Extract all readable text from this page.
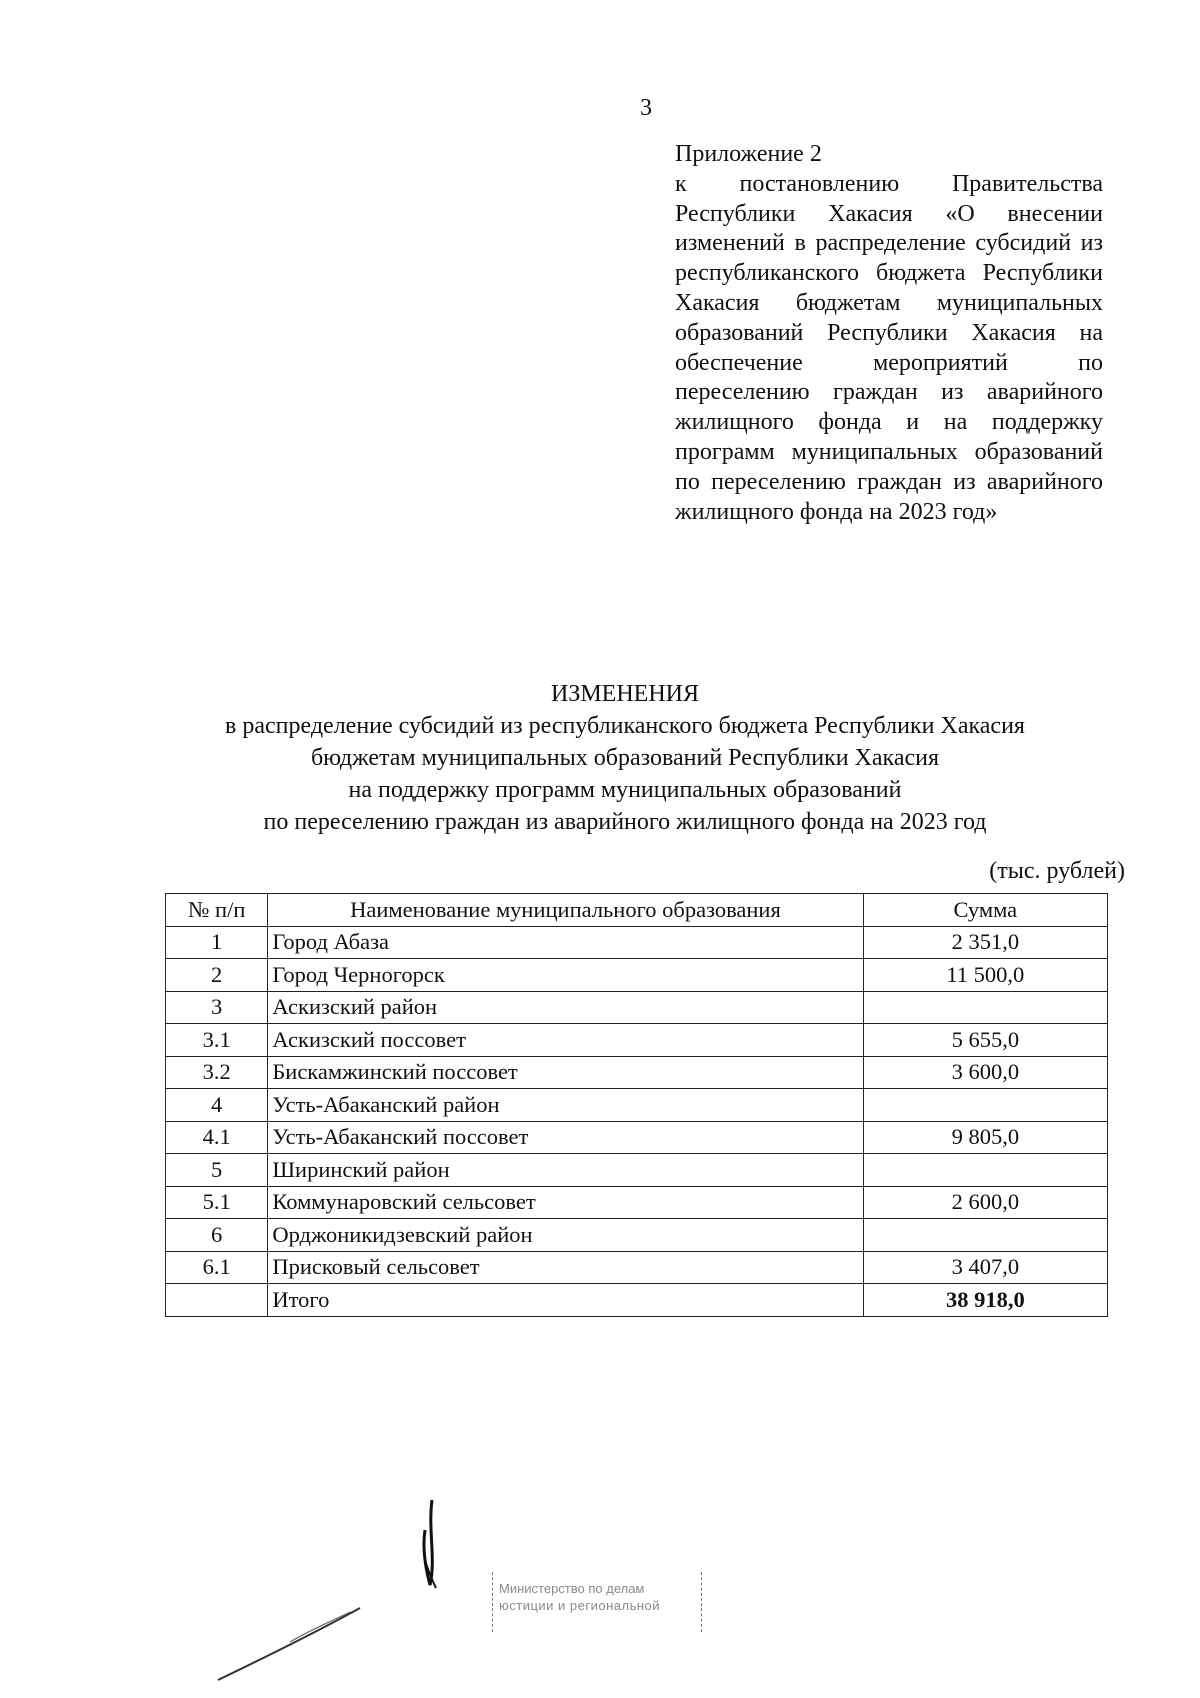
3
Приложение 2
к постановлению Правительства Республики Хакасия «О внесении изменений в распределение субсидий из республиканского бюджета Республики Хакасия бюджетам муниципальных образований Республики Хакасия на обеспечение мероприятий по переселению граждан из аварийного жилищного фонда и на поддержку программ муниципальных образований по переселению граждан из аварийного жилищного фонда на 2023 год»
ИЗМЕНЕНИЯ
в распределение субсидий из республиканского бюджета Республики Хакасия
бюджетам муниципальных образований Республики Хакасия
на поддержку программ муниципальных образований
по переселению граждан из аварийного жилищного фонда на 2023 год
(тыс. рублей)
№ п/п	Наименование муниципального образования	Сумма
1	Город Абаза	2 351,0
2	Город Черногорск	11 500,0
3	Аскизский район	
3.1	Аскизский поссовет	5 655,0
3.2	Бискамжинский поссовет	3 600,0
4	Усть-Абаканский район	
4.1	Усть-Абаканский поссовет	9 805,0
5	Ширинский район	
5.1	Коммунаровский сельсовет	2 600,0
6	Орджоникидзевский район	
6.1	Присковый сельсовет	3 407,0
	Итого	38 918,0
Министерство по делам
юстиции и региональной
